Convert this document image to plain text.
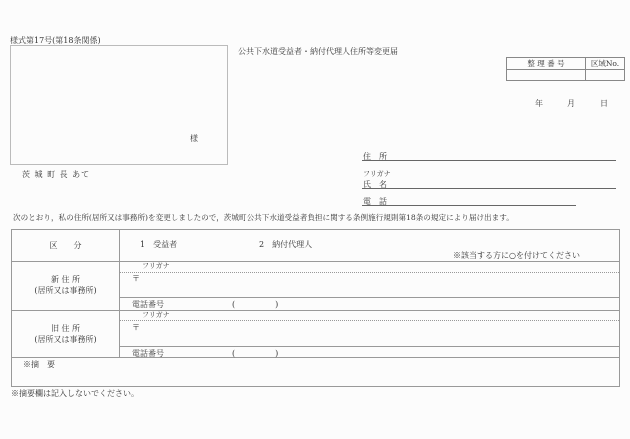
様式第17号(第18条関係)
公共下水道受益者・納付代理人住所等変更届
様
茨 城 町 長 あて
整 理 番 号	区域No.

年	月	日
住　所
フリガナ
氏　名
電　話
次のとおり，私の住所(居所又は事務所)を変更しましたので，茨城町公共下水道受益者負担に関する条例施行規則第18条の規定により届け出ます。
区　　分	1　受益者	2　納付代理人
※該当する方に○を付けてください
新 住 所
(居所又は事務所)
フリガナ
〒
電話番号	(　　　　　)
旧 住 所
(居所又は事務所)
フリガナ
〒
電話番号	(　　　　　)
※摘　要
※摘要欄は記入しないでください。
